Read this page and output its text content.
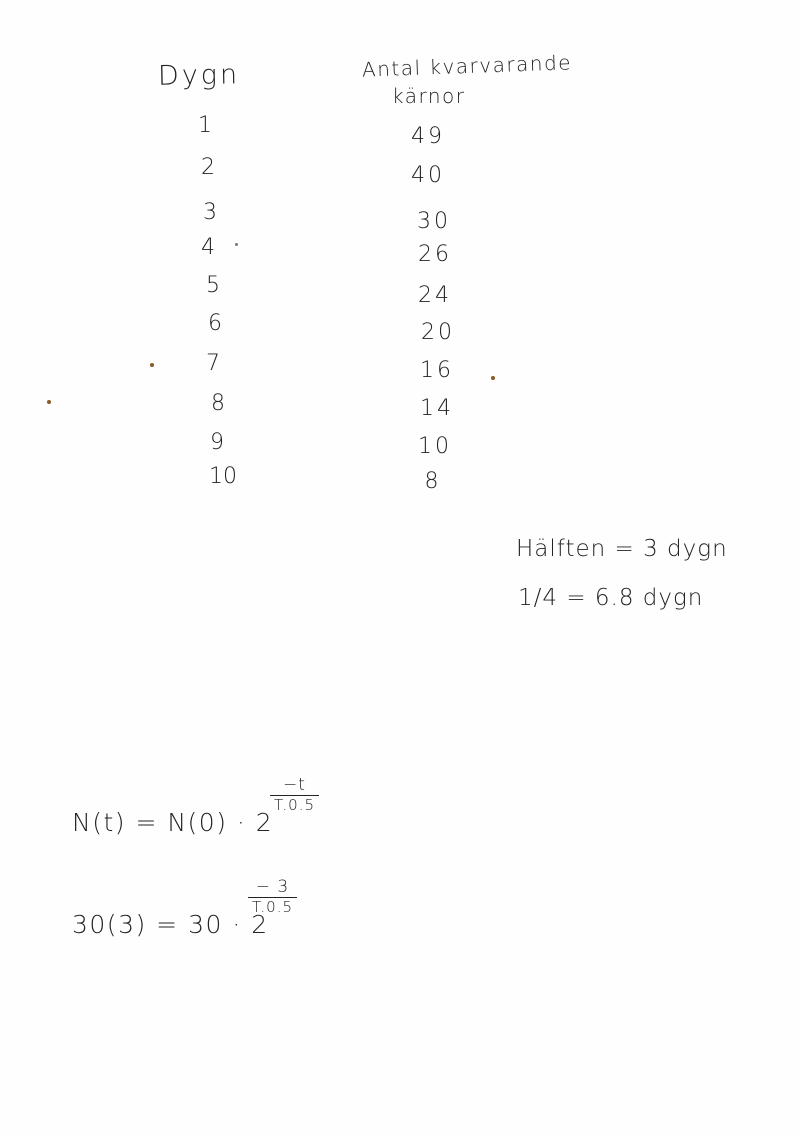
Dygn	Antal kvarvarande
kärnor
1	49
2	40
3	30
4	26
5	24
6	20
7	16
8	14
9	10
10	8
Hälften = 3 dygn
1/4 = 6.8 dygn
N(t) = N(0) · 2
$\frac{-t}{T.0.5}$
30(3) = 30 · 2
$\frac{- 3}{T.0.5}$
